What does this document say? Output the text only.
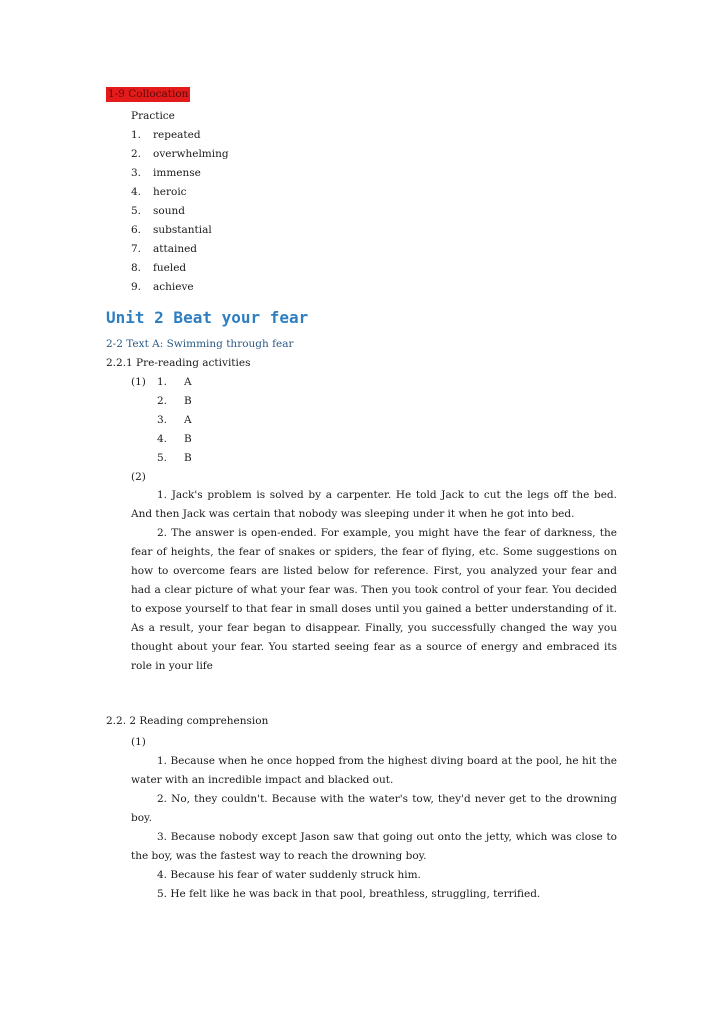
1-9 Collocation
Practice
1. repeated
2. overwhelming
3. immense
4. heroic
5. sound
6. substantial
7. attained
8. fueled
9. achieve
Unit 2 Beat your fear
2-2 Text A: Swimming through fear
2.2.1 Pre-reading activities
(1) 1. A
2. B
3. A
4. B
5. B
(2)

1. Jack's problem is solved by a carpenter. He told Jack to cut the legs off the bed. And then Jack was certain that nobody was sleeping under it when he got into bed.

2. The answer is open-ended. For example, you might have the fear of darkness, the fear of heights, the fear of snakes or spiders, the fear of flying, etc. Some suggestions on how to overcome fears are listed below for reference. First, you analyzed your fear and had a clear picture of what your fear was. Then you took control of your fear. You decided to expose yourself to that fear in small doses until you gained a better understanding of it. As a result, your fear began to disappear. Finally, you successfully changed the way you thought about your fear. You started seeing fear as a source of energy and embraced its role in your life

2.2. 2 Reading comprehension
(1)

1. Because when he once hopped from the highest diving board at the pool, he hit the water with an incredible impact and blacked out.

2. No, they couldn't. Because with the water's tow, they'd never get to the drowning boy.

3. Because nobody except Jason saw that going out onto the jetty, which was close to the boy, was the fastest way to reach the drowning boy.

4. Because his fear of water suddenly struck him.

5. He felt like he was back in that pool, breathless, struggling, terrified.
